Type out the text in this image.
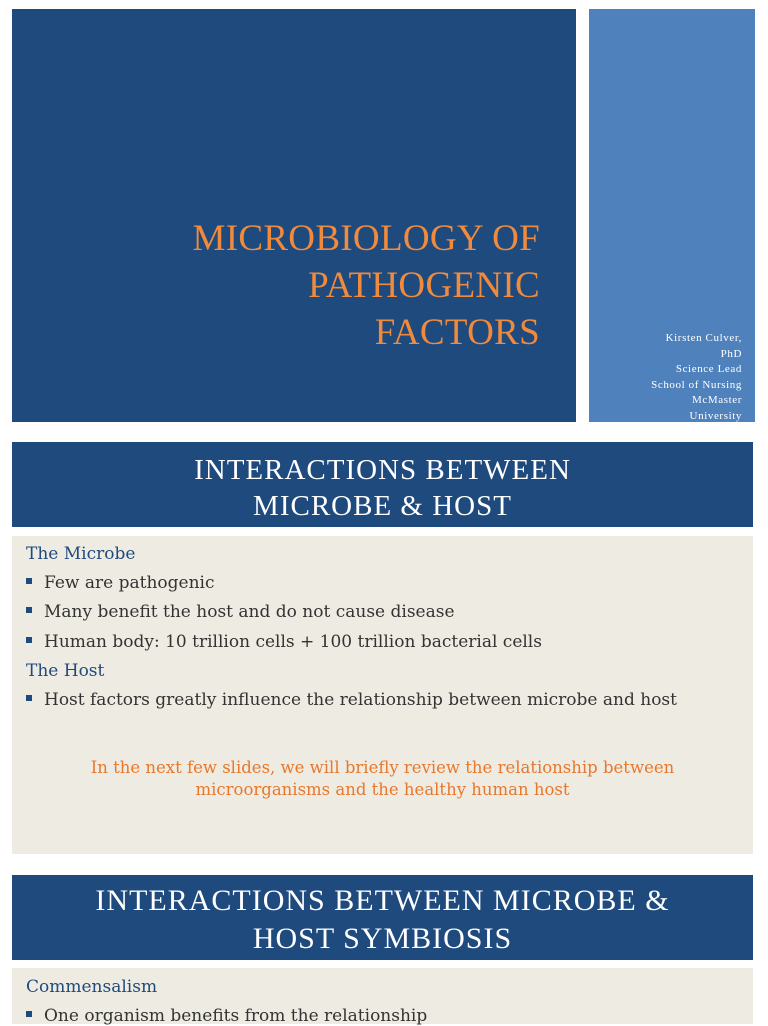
MICROBIOLOGY OF
PATHOGENIC
FACTORS	Kirsten Culver,
PhD
Science Lead
School of Nursing
McMaster
University
INTERACTIONS BETWEEN
MICROBE & HOST
The Microbe
Few are pathogenic
Many benefit the host and do not cause disease
Human body: 10 trillion cells + 100 trillion bacterial cells
The Host
Host factors greatly influence the relationship between microbe and host
In the next few slides, we will briefly review the relationship between
microorganisms and the healthy human host
INTERACTIONS BETWEEN MICROBE &
HOST SYMBIOSIS
Commensalism
One organism benefits from the relationship
